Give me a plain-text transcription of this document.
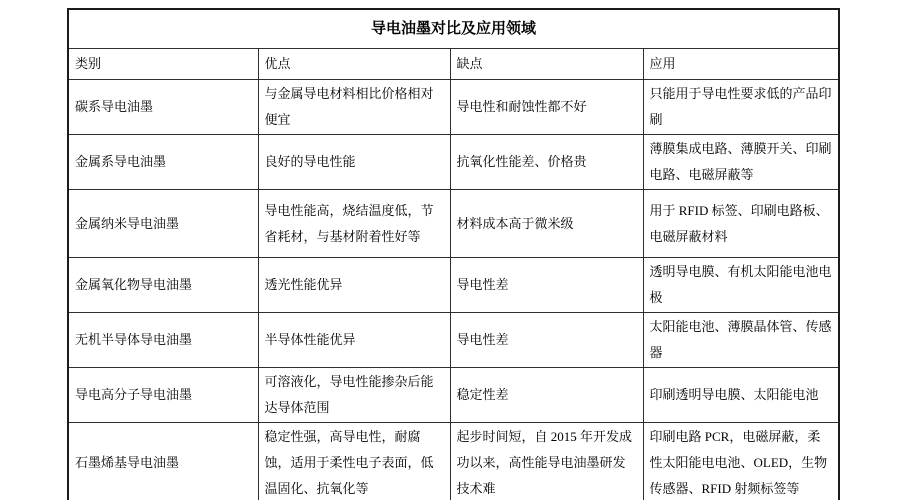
导电油墨对比及应用领域			
类别	优点	缺点	应用
碳系导电油墨	与金属导电材料相比价格相对便宜	导电性和耐蚀性都不好	只能用于导电性要求低的产品印刷
金属系导电油墨	良好的导电性能	抗氧化性能差、价格贵	薄膜集成电路、薄膜开关、印刷电路、电磁屏蔽等
金属纳米导电油墨	导电性能高，烧结温度低，节省耗材，与基材附着性好等	材料成本高于微米级	用于 RFID 标签、印刷电路板、电磁屏蔽材料
金属氧化物导电油墨	透光性能优异	导电性差	透明导电膜、有机太阳能电池电极
无机半导体导电油墨	半导体性能优异	导电性差	太阳能电池、薄膜晶体管、传感器
导电高分子导电油墨	可溶液化，导电性能掺杂后能达导体范围	稳定性差	印刷透明导电膜、太阳能电池
石墨烯基导电油墨	稳定性强，高导电性，耐腐蚀，适用于柔性电子表面，低温固化、抗氧化等	起步时间短，自 2015 年开发成功以来，高性能导电油墨研发技术难	印刷电路 PCR，电磁屏蔽，柔性太阳能电电池、OLED，生物传感器、RFID 射频标签等
